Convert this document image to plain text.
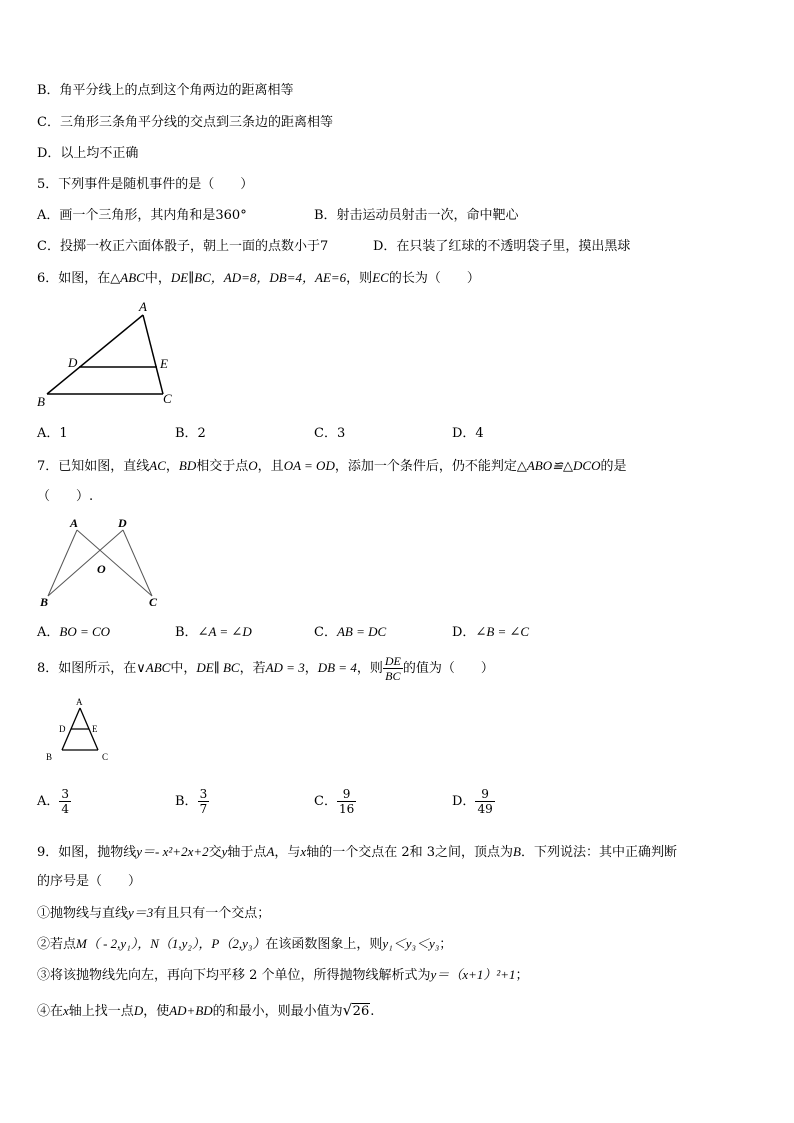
B．角平分线上的点到这个角两边的距离相等
C．三角形三条角平分线的交点到三条边的距离相等
D．以上均不正确
5．下列事件是随机事件的是（　　）
A．画一个三角形，其内角和是360°	B．射击运动员射击一次，命中靶心
C．投掷一枚正六面体骰子，朝上一面的点数小于7	D．在只装了红球的不透明袋子里，摸出黑球
6．如图，在△ABC中，DE∥BC，AD=8，DB=4，AE=6，则EC的长为（　　）
A
D	E
B	C
A．1	B．2	C．3	D．4
7．已知如图，直线AC，BD相交于点O，且OA = OD，添加一个条件后，仍不能判定△ABO≌△DCO的是
（　　）.
A	D
O
B	C
A．BO = CO	B．∠A = ∠D	C．AB = DC	D．∠B = ∠C
8．如图所示，在∨ABC中，DE∥ BC，若AD = 3，DB = 4，则 $\frac{DE}{BC}$ 的值为（　　）
A
D	E
B	C
A． $\frac{3}{4}$	B． $\frac{3}{7}$	C． $\frac{9}{16}$	D． $\frac{9}{49}$
9．如图，抛物线y＝- x²+2x+2交y轴于点A，与x轴的一个交点在 2和 3之间，顶点为B．下列说法：其中正确判断
的序号是（　　）
①抛物线与直线y＝3有且只有一个交点；
②若点M（ - 2,y₁），N（1,y₂），P（2,y₃）在该函数图象上，则y₁＜y₃＜y₃；
③将该抛物线先向左，再向下均平移 2 个单位，所得抛物线解析式为y＝（x+1）²+1；
④在x轴上找一点D，使AD+BD的和最小，则最小值为 √ 26.
